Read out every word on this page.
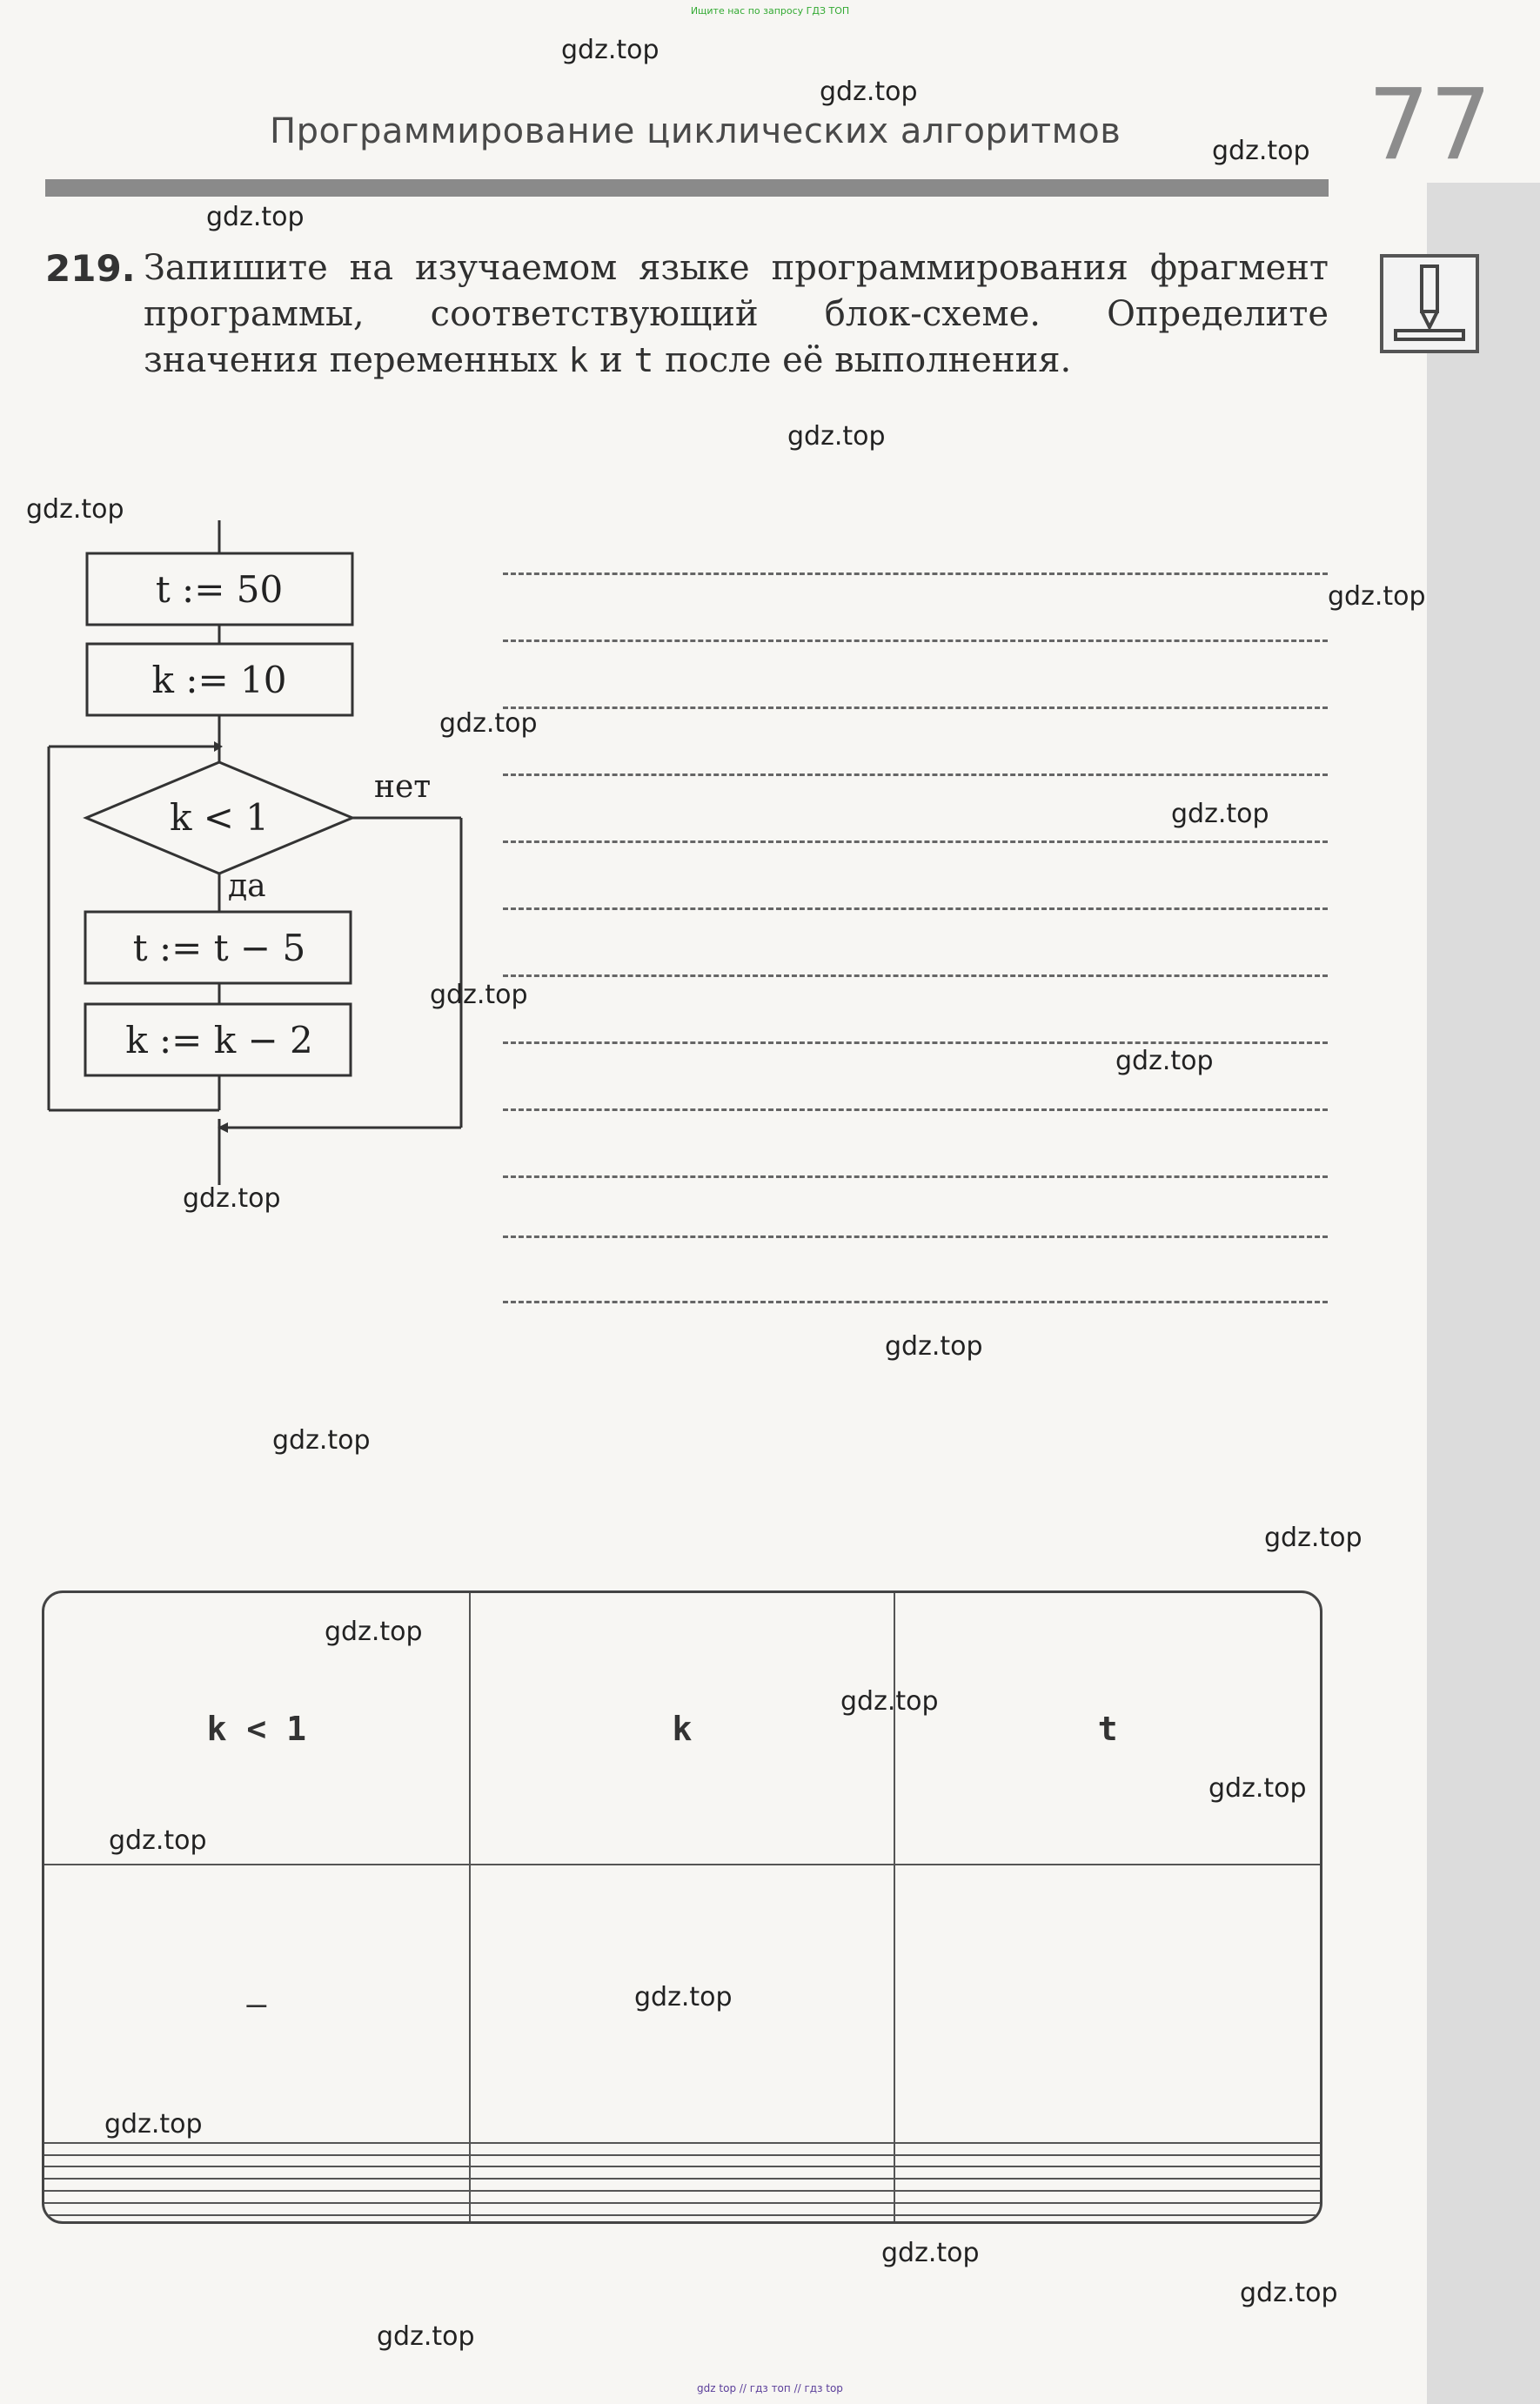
Ищите нас по запросу ГДЗ ТОП
Программирование циклических алгоритмов	77
219. Запишите на изучаемом языке программирования фрагмент программы, соответствующий блок-схеме. Определите значения переменных k и t после её выполнения.
t := 50
k := 10
k < 1
нет
да
t := t − 5
k := k − 2
k < 1	k	t
—		

gdz.top
gdz.top
gdz.top
gdz.top
gdz.top
gdz.top
gdz.top
gdz.top
gdz.top
gdz.top
gdz.top
gdz.top
gdz.top
gdz.top
gdz.top
gdz.top
gdz.top
gdz.top
gdz.top
gdz.top
gdz.top
gdz.top
gdz.top
gdz.top
gdz top // гдз топ // гдз top
